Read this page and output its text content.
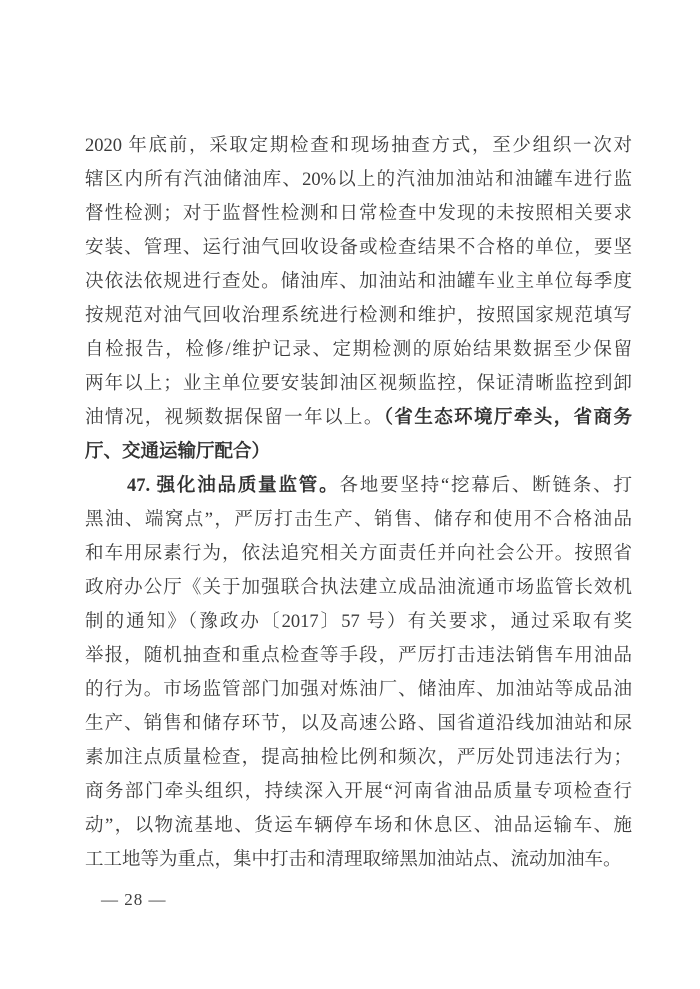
2020 年底前，采取定期检查和现场抽查方式，至少组织一次对
辖区内所有汽油储油库、20%以上的汽油加油站和油罐车进行监
督性检测；对于监督性检测和日常检查中发现的未按照相关要求
安装、管理、运行油气回收设备或检查结果不合格的单位，要坚
决依法依规进行查处。储油库、加油站和油罐车业主单位每季度
按规范对油气回收治理系统进行检测和维护，按照国家规范填写
自检报告，检修/维护记录、定期检测的原始结果数据至少保留
两年以上；业主单位要安装卸油区视频监控，保证清晰监控到卸
油情况，视频数据保留一年以上。（省生态环境厅牵头，省商务
厅、交通运输厅配合）
47. 强化油品质量监管。各地要坚持“挖幕后、断链条、打
黑油、端窝点”，严厉打击生产、销售、储存和使用不合格油品
和车用尿素行为，依法追究相关方面责任并向社会公开。按照省
政府办公厅《关于加强联合执法建立成品油流通市场监管长效机
制的通知》（豫政办〔2017〕57 号）有关要求，通过采取有奖
举报，随机抽查和重点检查等手段，严厉打击违法销售车用油品
的行为。市场监管部门加强对炼油厂、储油库、加油站等成品油
生产、销售和储存环节，以及高速公路、国省道沿线加油站和尿
素加注点质量检查，提高抽检比例和频次，严厉处罚违法行为；
商务部门牵头组织，持续深入开展“河南省油品质量专项检查行
动”，以物流基地、货运车辆停车场和休息区、油品运输车、施
工工地等为重点，集中打击和清理取缔黑加油站点、流动加油车。
— 28 —
